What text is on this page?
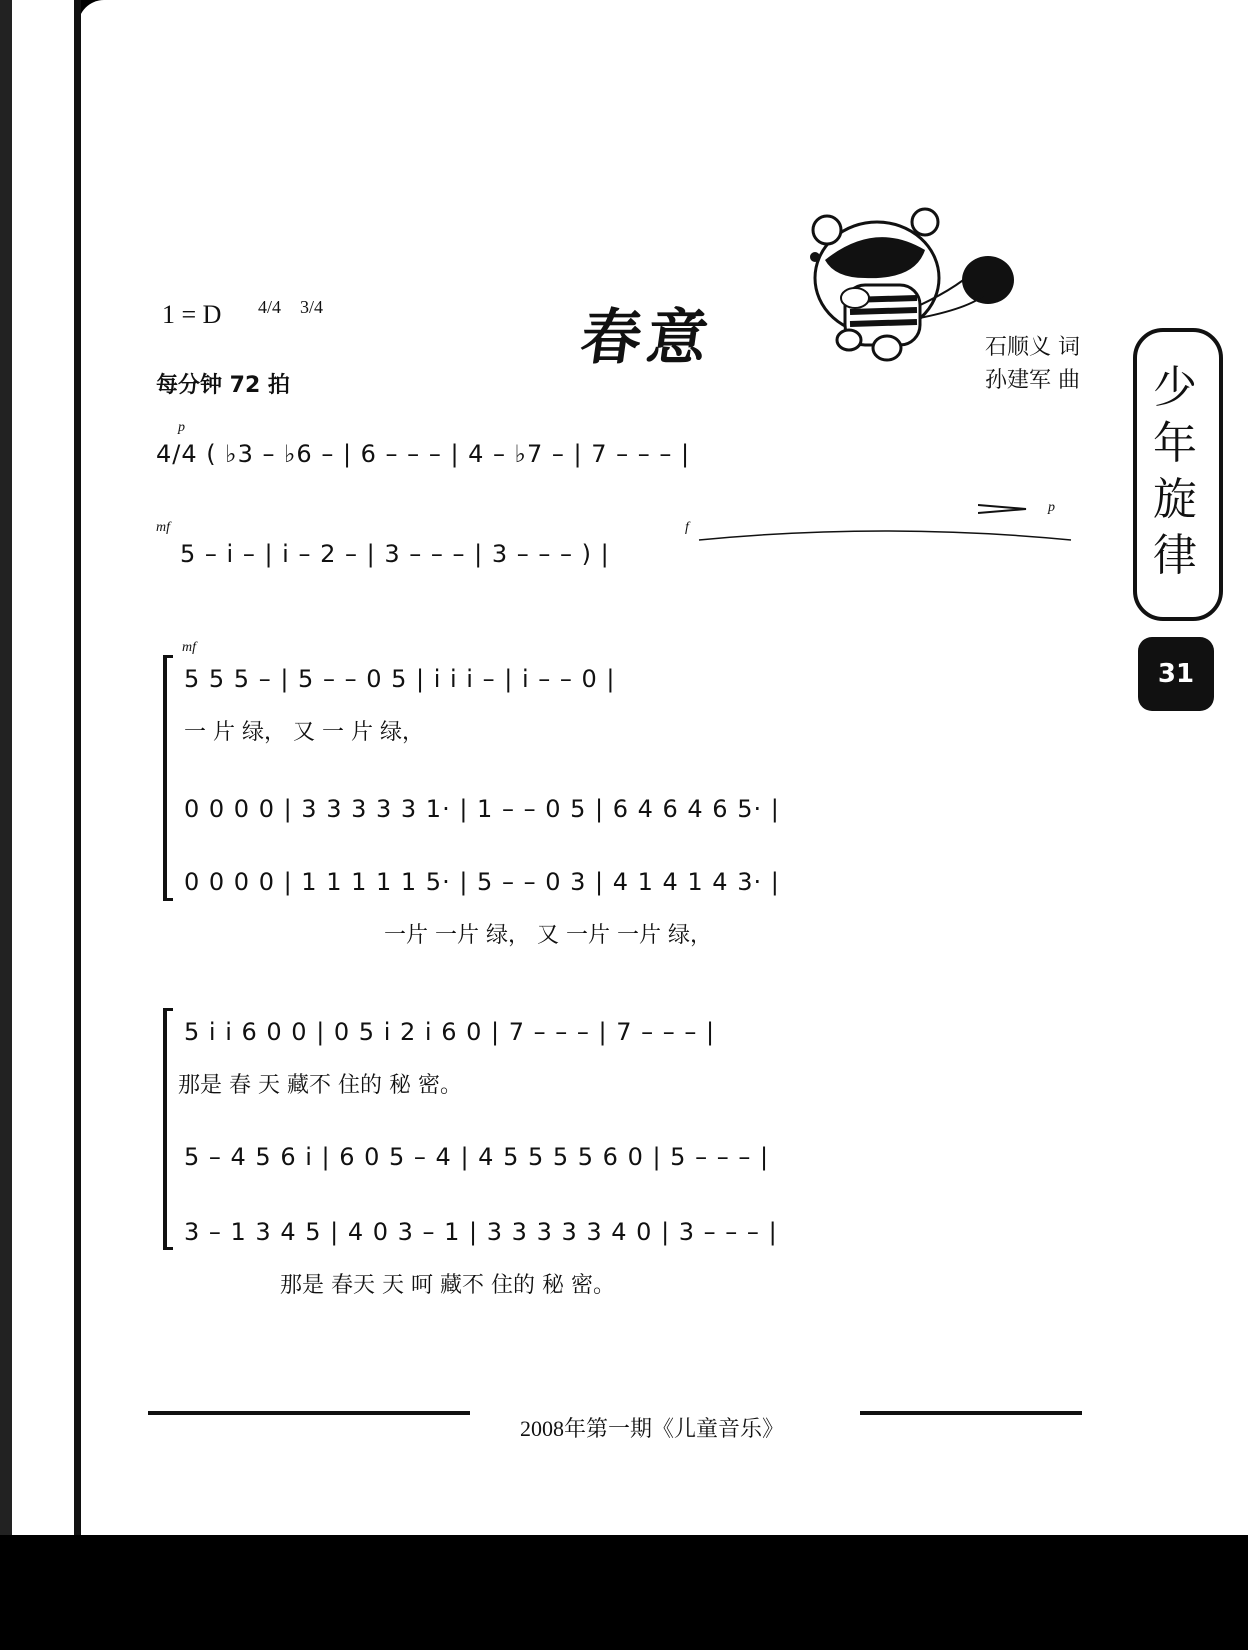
1 = D 4/4 3/4
每分钟 72 拍
春意	石顺义 词
孙建军 曲 少年旋律
31
p
4/4 ( ♭3 – ♭6 – | 6 – – – | 4 – ♭7 – | 7 – – – |
mf	f
p
5 – i – | i – 2 – | 3 – – – | 3 – – – ) |
mf
5 5 5 – | 5 – – 0 5 | i i i – | i – – 0 |
一 片 绿， 又 一 片 绿，
0 0 0 0 | 3 3 3 3 3 1· | 1 – – 0 5 | 6 4 6 4 6 5· |
0 0 0 0 | 1 1 1 1 1 5· | 5 – – 0 3 | 4 1 4 1 4 3· |
一片 一片 绿， 又 一片 一片 绿，
5 i i 6 0 0 | 0 5 i 2 i 6 0 | 7 – – – | 7 – – – |
那是 春 天 藏不 住的 秘 密。
5 – 4 5 6 i | 6 0 5 – 4 | 4 5 5 5 5 6 0 | 5 – – – |
3 – 1 3 4 5 | 4 0 3 – 1 | 3 3 3 3 3 4 0 | 3 – – – |
那是 春天 天 呵 藏不 住的 秘 密。
2008年第一期《儿童音乐》
